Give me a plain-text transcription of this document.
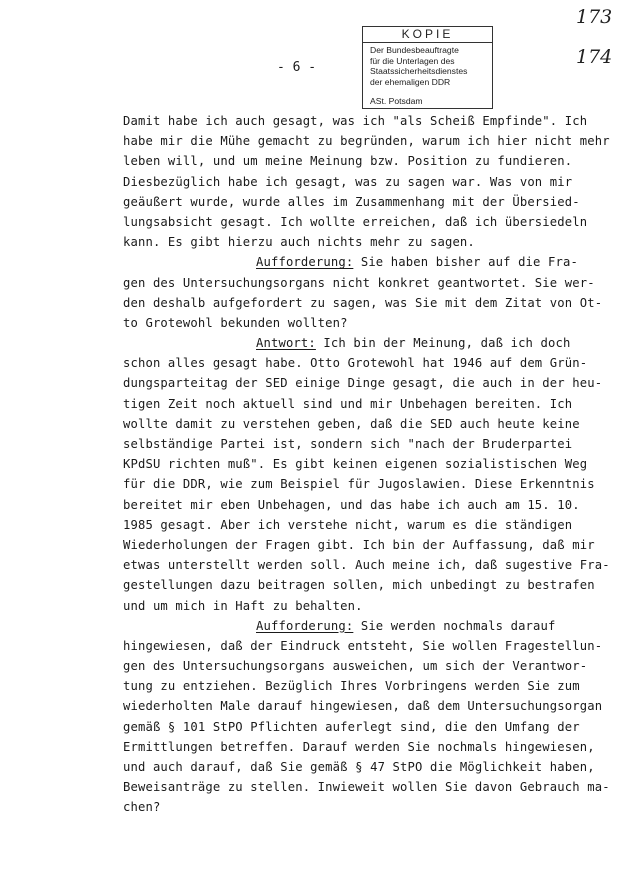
173
174
KOPIE
Der Bundesbeauftragte
für die Unterlagen des
Staatssicherheitsdienstes
der ehemaligen DDR
ASt. Potsdam
- 6 -
Damit habe ich auch gesagt, was ich "als Scheiß Empfinde". Ich
habe mir die Mühe gemacht zu begründen, warum ich hier nicht mehr
leben will, und um meine Meinung bzw. Position zu fundieren.
Diesbezüglich habe ich gesagt, was zu sagen war. Was von mir
geäußert wurde, wurde alles im Zusammenhang mit der Übersied-
lungsabsicht gesagt. Ich wollte erreichen, daß ich übersiedeln
kann. Es gibt hierzu auch nichts mehr zu sagen.
Aufforderung: Sie haben bisher auf die Fra-
gen des Untersuchungsorgans nicht konkret geantwortet. Sie wer-
den deshalb aufgefordert zu sagen, was Sie mit dem Zitat von Ot-
to Grotewohl bekunden wollten?
Antwort: Ich bin der Meinung, daß ich doch
schon alles gesagt habe. Otto Grotewohl hat 1946 auf dem Grün-
dungsparteitag der SED einige Dinge gesagt, die auch in der heu-
tigen Zeit noch aktuell sind und mir Unbehagen bereiten. Ich
wollte damit zu verstehen geben, daß die SED auch heute keine
selbständige Partei ist, sondern sich "nach der Bruderpartei
KPdSU richten muß". Es gibt keinen eigenen sozialistischen Weg
für die DDR, wie zum Beispiel für Jugoslawien. Diese Erkenntnis
bereitet mir eben Unbehagen, und das habe ich auch am 15. 10.
1985 gesagt. Aber ich verstehe nicht, warum es die ständigen
Wiederholungen der Fragen gibt. Ich bin der Auffassung, daß mir
etwas unterstellt werden soll. Auch meine ich, daß sugestive Fra-
gestellungen dazu beitragen sollen, mich unbedingt zu bestrafen
und um mich in Haft zu behalten.
Aufforderung: Sie werden nochmals darauf
hingewiesen, daß der Eindruck entsteht, Sie wollen Fragestellun-
gen des Untersuchungsorgans ausweichen, um sich der Verantwor-
tung zu entziehen. Bezüglich Ihres Vorbringens werden Sie zum
wiederholten Male darauf hingewiesen, daß dem Untersuchungsorgan
gemäß § 101 StPO Pflichten auferlegt sind, die den Umfang der
Ermittlungen betreffen. Darauf werden Sie nochmals hingewiesen,
und auch darauf, daß Sie gemäß § 47 StPO die Möglichkeit haben,
Beweisanträge zu stellen. Inwieweit wollen Sie davon Gebrauch ma-
chen?
